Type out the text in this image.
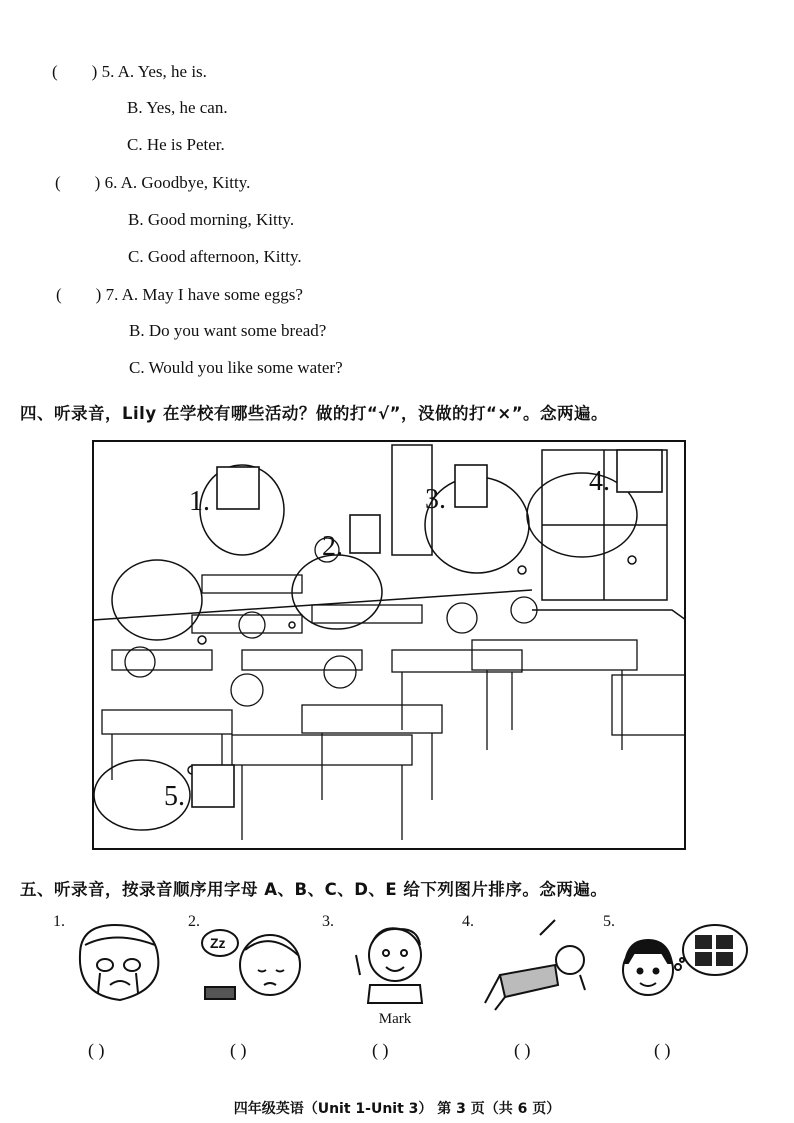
( ) 5. A. Yes, he is.
B. Yes, he can.
C. He is Peter.
( ) 6. A. Goodbye, Kitty.
B. Good morning, Kitty.
C. Good afternoon, Kitty.
( ) 7. A. May I have some eggs?
B. Do you want some bread?
C. Would you like some water?
四、听录音，Lily 在学校有哪些活动？做的打“√”，没做的打“×”。念两遍。
1.
2.
3.
4.
5.
五、听录音，按录音顺序用字母 A、B、C、D、E 给下列图片排序。念两遍。
1.	2.	3.	4.	5.
Zz
Mark
( )	( )	( )	( )	( )
四年级英语（Unit 1-Unit 3） 第 3 页（共 6 页）
